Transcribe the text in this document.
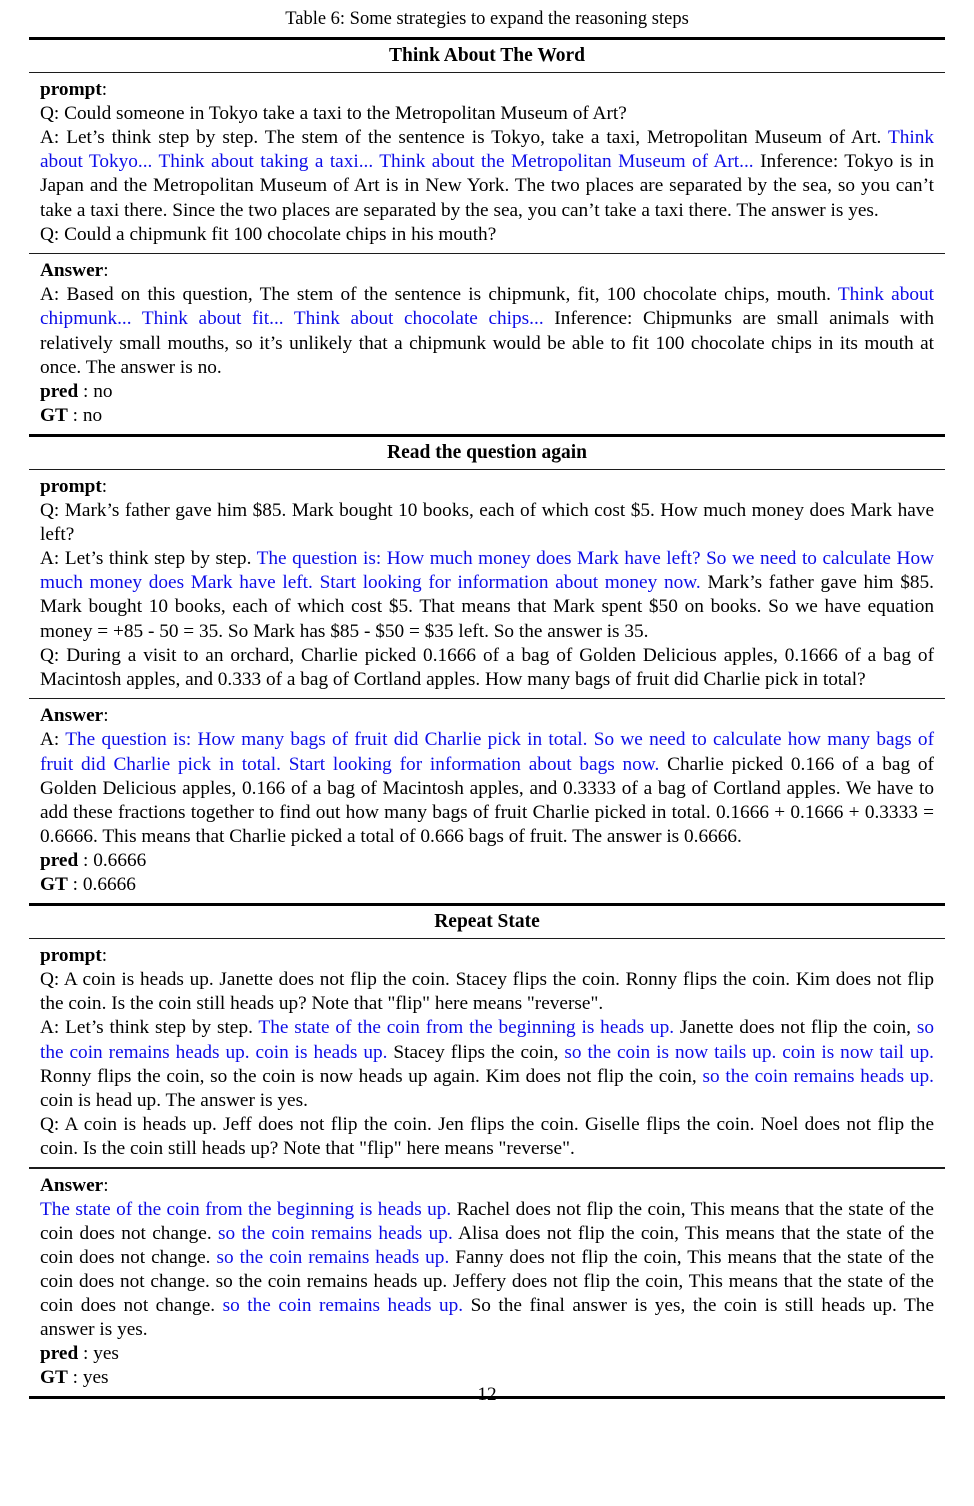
Table 6: Some strategies to expand the reasoning steps
Think About The Word
prompt:
Q: Could someone in Tokyo take a taxi to the Metropolitan Museum of Art?
A: Let’s think step by step. The stem of the sentence is Tokyo, take a taxi, Metropolitan Museum of Art. Think about Tokyo... Think about taking a taxi... Think about the Metropolitan Museum of Art... Inference: Tokyo is in Japan and the Metropolitan Museum of Art is in New York. The two places are separated by the sea, so you can’t take a taxi there. Since the two places are separated by the sea, you can’t take a taxi there. The answer is yes.
Q: Could a chipmunk fit 100 chocolate chips in his mouth?
Answer:
A: Based on this question, The stem of the sentence is chipmunk, fit, 100 chocolate chips, mouth. Think about chipmunk... Think about fit... Think about chocolate chips... Inference: Chipmunks are small animals with relatively small mouths, so it’s unlikely that a chipmunk would be able to fit 100 chocolate chips in its mouth at once. The answer is no.
pred : no
GT : no
Read the question again
prompt:
Q: Mark’s father gave him $85. Mark bought 10 books, each of which cost $5. How much money does Mark have left?
A: Let’s think step by step. The question is: How much money does Mark have left? So we need to calculate How much money does Mark have left. Start looking for information about money now. Mark’s father gave him $85. Mark bought 10 books, each of which cost $5. That means that Mark spent $50 on books. So we have equation money = +85 - 50 = 35. So Mark has $85 - $50 = $35 left. So the answer is 35.
Q: During a visit to an orchard, Charlie picked 0.1666 of a bag of Golden Delicious apples, 0.1666 of a bag of Macintosh apples, and 0.333 of a bag of Cortland apples. How many bags of fruit did Charlie pick in total?
Answer:
A: The question is: How many bags of fruit did Charlie pick in total. So we need to calculate how many bags of fruit did Charlie pick in total. Start looking for information about bags now. Charlie picked 0.166 of a bag of Golden Delicious apples, 0.166 of a bag of Macintosh apples, and 0.3333 of a bag of Cortland apples. We have to add these fractions together to find out how many bags of fruit Charlie picked in total. 0.1666 + 0.1666 + 0.3333 = 0.6666. This means that Charlie picked a total of 0.666 bags of fruit. The answer is 0.6666.
pred : 0.6666
GT : 0.6666
Repeat State
prompt:
Q: A coin is heads up. Janette does not flip the coin. Stacey flips the coin. Ronny flips the coin. Kim does not flip the coin. Is the coin still heads up? Note that "flip" here means "reverse".
A: Let’s think step by step. The state of the coin from the beginning is heads up. Janette does not flip the coin, so the coin remains heads up. coin is heads up. Stacey flips the coin, so the coin is now tails up. coin is now tail up. Ronny flips the coin, so the coin is now heads up again. Kim does not flip the coin, so the coin remains heads up. coin is head up. The answer is yes.
Q: A coin is heads up. Jeff does not flip the coin. Jen flips the coin. Giselle flips the coin. Noel does not flip the coin. Is the coin still heads up? Note that "flip" here means "reverse".
Answer:
The state of the coin from the beginning is heads up. Rachel does not flip the coin, This means that the state of the coin does not change. so the coin remains heads up. Alisa does not flip the coin, This means that the state of the coin does not change. so the coin remains heads up. Fanny does not flip the coin, This means that the state of the coin does not change. so the coin remains heads up. Jeffery does not flip the coin, This means that the state of the coin does not change. so the coin remains heads up. So the final answer is yes, the coin is still heads up. The answer is yes.
pred : yes
GT : yes
12
